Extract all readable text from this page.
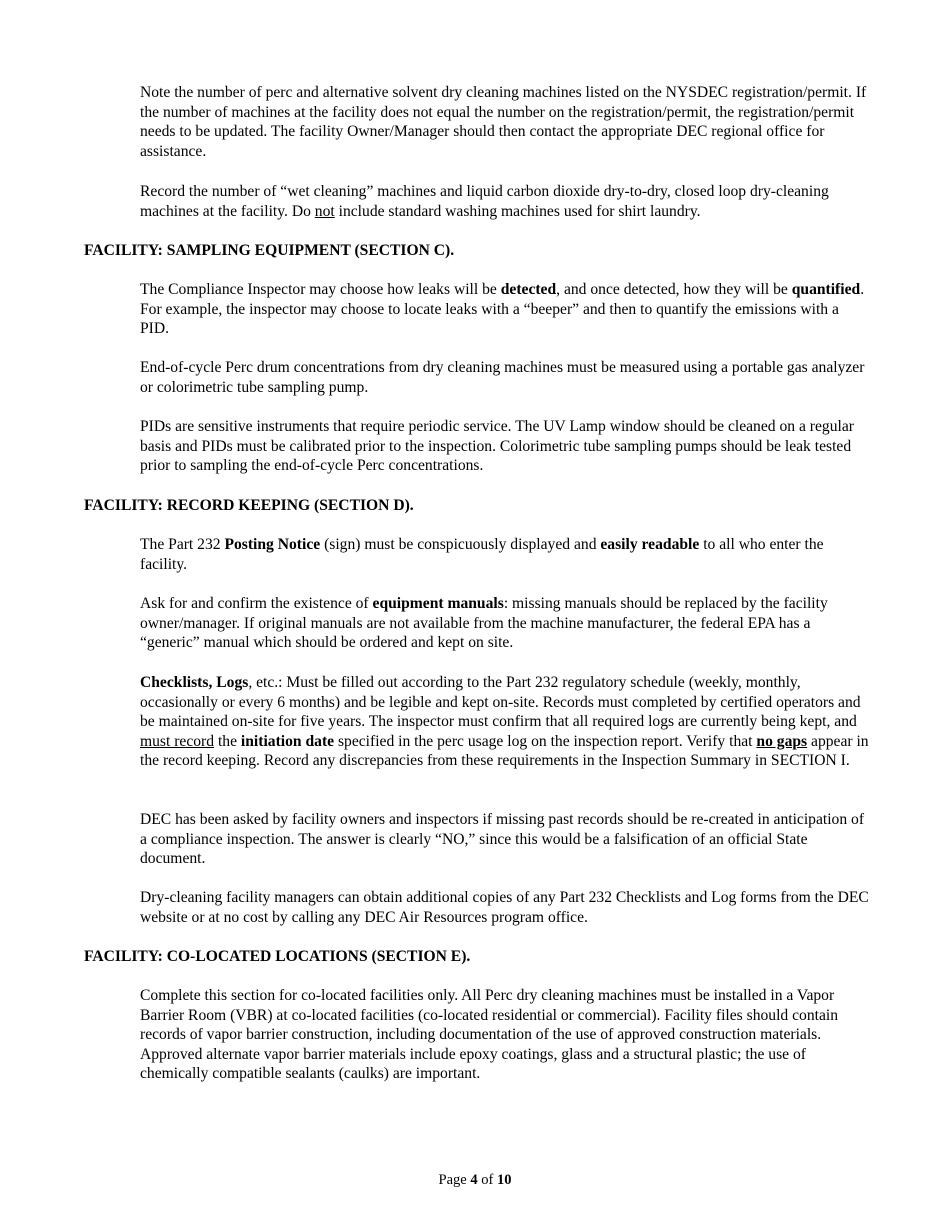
Note the number of perc and alternative solvent dry cleaning machines listed on the NYSDEC registration/permit. If the number of machines at the facility does not equal the number on the registration/permit, the registration/permit needs to be updated. The facility Owner/Manager should then contact the appropriate DEC regional office for assistance.

Record the number of “wet cleaning” machines and liquid carbon dioxide dry-to-dry, closed loop dry-cleaning machines at the facility. Do not include standard washing machines used for shirt laundry.

FACILITY: SAMPLING EQUIPMENT (SECTION C).

The Compliance Inspector may choose how leaks will be detected, and once detected, how they will be quantified. For example, the inspector may choose to locate leaks with a “beeper” and then to quantify the emissions with a PID.

End-of-cycle Perc drum concentrations from dry cleaning machines must be measured using a portable gas analyzer or colorimetric tube sampling pump.

PIDs are sensitive instruments that require periodic service. The UV Lamp window should be cleaned on a regular basis and PIDs must be calibrated prior to the inspection. Colorimetric tube sampling pumps should be leak tested prior to sampling the end-of-cycle Perc concentrations.

FACILITY: RECORD KEEPING (SECTION D).

The Part 232 Posting Notice (sign) must be conspicuously displayed and easily readable to all who enter the facility.

Ask for and confirm the existence of equipment manuals: missing manuals should be replaced by the facility owner/manager. If original manuals are not available from the machine manufacturer, the federal EPA has a “generic” manual which should be ordered and kept on site.

Checklists, Logs, etc.: Must be filled out according to the Part 232 regulatory schedule (weekly, monthly, occasionally or every 6 months) and be legible and kept on-site. Records must completed by certified operators and be maintained on-site for five years. The inspector must confirm that all required logs are currently being kept, and must record the initiation date specified in the perc usage log on the inspection report. Verify that no gaps appear in the record keeping. Record any discrepancies from these requirements in the Inspection Summary in SECTION I.

DEC has been asked by facility owners and inspectors if missing past records should be re-created in anticipation of a compliance inspection. The answer is clearly “NO,” since this would be a falsification of an official State document.

Dry-cleaning facility managers can obtain additional copies of any Part 232 Checklists and Log forms from the DEC website or at no cost by calling any DEC Air Resources program office.

FACILITY: CO-LOCATED LOCATIONS (SECTION E).

Complete this section for co-located facilities only. All Perc dry cleaning machines must be installed in a Vapor Barrier Room (VBR) at co-located facilities (co-located residential or commercial). Facility files should contain records of vapor barrier construction, including documentation of the use of approved construction materials. Approved alternate vapor barrier materials include epoxy coatings, glass and a structural plastic; the use of chemically compatible sealants (caulks) are important.

Page 4 of 10
